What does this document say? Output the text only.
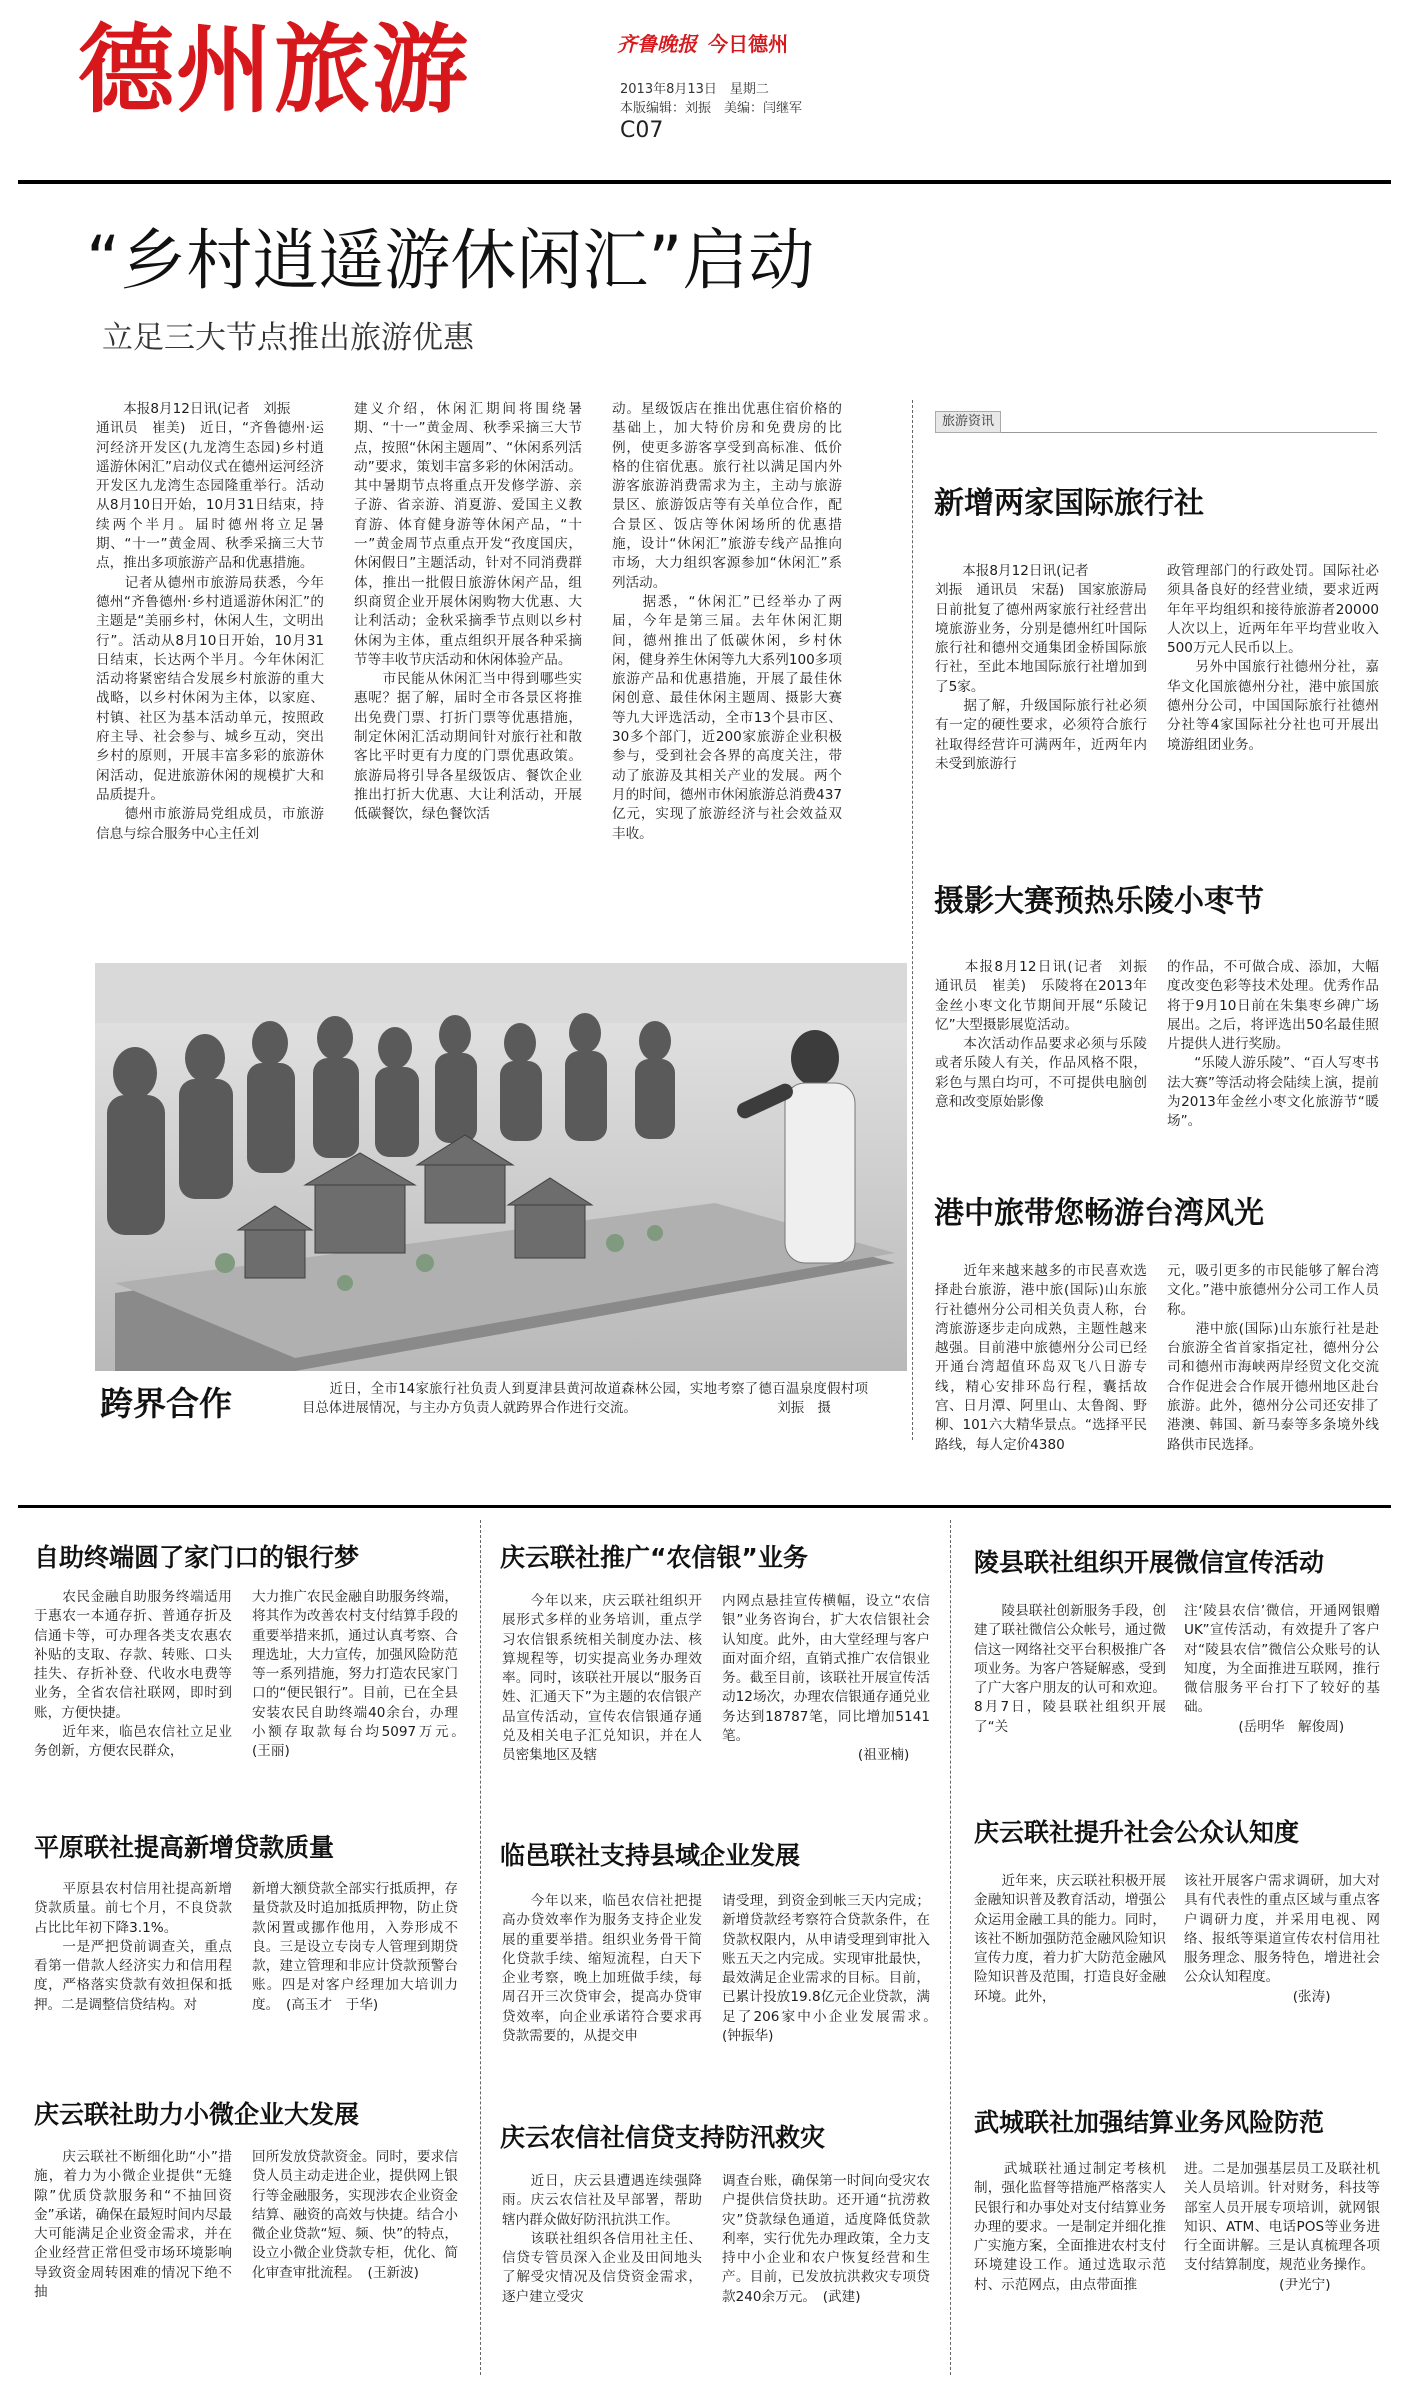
德州旅游	齐鲁晚报 今日德州
2013年8月13日　星期二
本版编辑：刘振　美编：闫继军
C07
“乡村逍遥游休闲汇”启动
立足三大节点推出旅游优惠
　　本报8月12日讯(记者　刘振
通讯员　崔美)　近日，“齐鲁德州·运河经济开发区(九龙湾生态园)乡村逍遥游休闲汇”启动仪式在德州运河经济开发区九龙湾生态园隆重举行。活动从8月10日开始，10月31日结束，持续两个半月。届时德州将立足暑期、“十一”黄金周、秋季采摘三大节点，推出多项旅游产品和优惠措施。
　　记者从德州市旅游局获悉，今年德州“齐鲁德州·乡村逍遥游休闲汇”的主题是“美丽乡村，休闲人生，文明出行”。活动从8月10日开始，10月31日结束，长达两个半月。今年休闲汇活动将紧密结合发展乡村旅游的重大战略，以乡村休闲为主体，以家庭、村镇、社区为基本活动单元，按照政府主导、社会参与、城乡互动，突出乡村的原则，开展丰富多彩的旅游休闲活动，促进旅游休闲的规模扩大和品质提升。
　　德州市旅游局党组成员，市旅游信息与综合服务中心主任刘
建义介绍，休闲汇期间将围绕暑期、“十一”黄金周、秋季采摘三大节点，按照“休闲主题周”、“休闲系列活动”要求，策划丰富多彩的休闲活动。其中暑期节点将重点开发修学游、亲子游、省亲游、消夏游、爱国主义教育游、体育健身游等休闲产品，“十一”黄金周节点重点开发“孜度国庆，休闲假日”主题活动，针对不同消费群体，推出一批假日旅游休闲产品，组织商贸企业开展休闲购物大优惠、大让利活动；金秋采摘季节点则以乡村休闲为主体，重点组织开展各种采摘节等丰收节庆活动和休闲体验产品。
　　市民能从休闲汇当中得到哪些实惠呢？据了解，届时全市各景区将推出免费门票、打折门票等优惠措施，制定休闲汇活动期间针对旅行社和散客比平时更有力度的门票优惠政策。旅游局将引导各星级饭店、餐饮企业推出打折大优惠、大让利活动，开展低碳餐饮，绿色餐饮活
动。星级饭店在推出优惠住宿价格的基础上，加大特价房和免费房的比例，使更多游客享受到高标准、低价格的住宿优惠。旅行社以满足国内外游客旅游消费需求为主，主动与旅游景区、旅游饭店等有关单位合作，配合景区、饭店等休闲场所的优惠措施，设计“休闲汇”旅游专线产品推向市场，大力组织客源参加“休闲汇”系列活动。
　　据悉，“休闲汇”已经举办了两届，今年是第三届。去年休闲汇期间，德州推出了低碳休闲，乡村休闲，健身养生休闲等九大系列100多项旅游产品和优惠措施，开展了最佳休闲创意、最佳休闲主题周、摄影大赛等九大评选活动，全市13个县市区、30多个部门，近200家旅游企业积极参与，受到社会各界的高度关注，带动了旅游及其相关产业的发展。两个月的时间，德州市休闲旅游总消费437亿元，实现了旅游经济与社会效益双丰收。
跨界合作	　　近日，全市14家旅行社负责人到夏津县黄河故道森林公园，实地考察了德百温泉度假村项目总体进展情况，与主办方负责人就跨界合作进行交流。　　　　　　　　　　　刘振　摄
旅游资讯
新增两家国际旅行社
　　本报8月12日讯(记者
刘振　通讯员　宋磊)　国家旅游局日前批复了德州两家旅行社经营出境旅游业务，分别是德州红叶国际旅行社和德州交通集团金桥国际旅行社，至此本地国际旅行社增加到了5家。
　　据了解，升级国际旅行社必须有一定的硬性要求，必须符合旅行社取得经营许可满两年，近两年内未受到旅游行
政管理部门的行政处罚。国际社必须具备良好的经营业绩，要求近两年年平均组织和接待旅游者20000人次以上，近两年年平均营业收入500万元人民币以上。
　　另外中国旅行社德州分社，嘉华文化国旅德州分社，港中旅国旅德州分公司，中国国际旅行社德州分社等4家国际社分社也可开展出境游组团业务。
摄影大赛预热乐陵小枣节
　　本报8月12日讯(记者　刘振　通讯员　崔美)　乐陵将在2013年金丝小枣文化节期间开展“乐陵记忆”大型摄影展览活动。
　　本次活动作品要求必须与乐陵或者乐陵人有关，作品风格不限，彩色与黑白均可，不可提供电脑创意和改变原始影像
的作品，不可做合成、添加，大幅度改变色彩等技术处理。优秀作品将于9月10日前在朱集枣乡碑广场展出。之后，将评选出50名最佳照片提供人进行奖励。
　　“乐陵人游乐陵”、“百人写枣书法大赛”等活动将会陆续上演，提前为2013年金丝小枣文化旅游节“暖场”。
港中旅带您畅游台湾风光
　　近年来越来越多的市民喜欢选择赴台旅游，港中旅(国际)山东旅行社德州分公司相关负责人称，台湾旅游逐步走向成熟，主题性越来越强。目前港中旅德州分公司已经开通台湾超值环岛双飞八日游专线，精心安排环岛行程，囊括故宫、日月潭、阿里山、太鲁阁、野柳、101六大精华景点。“选择平民路线，每人定价4380
元，吸引更多的市民能够了解台湾文化。”港中旅德州分公司工作人员称。
　　港中旅(国际)山东旅行社是赴台旅游全省首家指定社，德州分公司和德州市海峡两岸经贸文化交流合作促进会合作展开德州地区赴台旅游。此外，德州分公司还安排了港澳、韩国、新马泰等多条境外线路供市民选择。
自助终端圆了家门口的银行梦
　　农民金融自助服务终端适用于惠农一本通存折、普通存折及信通卡等，可办理各类支农惠农补贴的支取、存款、转账、口头挂失、存折补登、代收水电费等业务，全省农信社联网，即时到账，方便快捷。
　　近年来，临邑农信社立足业务创新，方便农民群众，
大力推广农民金融自助服务终端，将其作为改善农村支付结算手段的重要举措来抓，通过认真考察、合理选址，大力宣传，加强风险防范等一系列措施，努力打造农民家门口的“便民银行”。目前，已在全县安装农民自助终端40余台，办理小额存取款每台均5097万元。　(王丽)
平原联社提高新增贷款质量
　　平原县农村信用社提高新增贷款质量。前七个月，不良贷款占比比年初下降3.1%。
　　一是严把贷前调查关，重点看第一借款人经济实力和信用程度，严格落实贷款有效担保和抵押。二是调整信贷结构。对
新增大额贷款全部实行抵质押，存量贷款及时追加抵质押物，防止贷款闲置或挪作他用，入券形成不良。三是设立专岗专人管理到期贷款，建立管理和非应计贷款预警台账。四是对客户经理加大培训力度。　(高玉才　于华)
庆云联社助力小微企业大发展
　　庆云联社不断细化助“小”措施，着力为小微企业提供“无缝隙”优质贷款服务和“不抽回资金”承诺，确保在最短时间内尽最大可能满足企业资金需求，并在企业经营正常但受市场环境影响导致资金周转困难的情况下绝不抽
回所发放贷款资金。同时，要求信贷人员主动走进企业，提供网上银行等金融服务，实现涉农企业资金结算、融资的高效与快捷。结合小微企业贷款“短、频、快”的特点，设立小微企业贷款专柜，优化、简化审查审批流程。　(王新波)
庆云联社推广“农信银”业务
　　今年以来，庆云联社组织开展形式多样的业务培训，重点学习农信银系统相关制度办法、核算规程等，切实提高业务办理效率。同时，该联社开展以“服务百姓、汇通天下”为主题的农信银产品宣传活动，宣传农信银通存通兑及相关电子汇兑知识，并在人员密集地区及辖
内网点悬挂宣传横幅，设立“农信银”业务咨询台，扩大农信银社会认知度。此外，由大堂经理与客户面对面介绍，直销式推广农信银业务。截至目前，该联社开展宣传活动12场次，办理农信银通存通兑业务达到18787笔，同比增加5141笔。
　　　　　　　　　　(祖亚楠)
临邑联社支持县域企业发展
　　今年以来，临邑农信社把提高办贷效率作为服务支持企业发展的重要举措。组织业务骨干简化贷款手续、缩短流程，白天下企业考察，晚上加班做手续，每周召开三次贷审会，提高办贷审贷效率，向企业承诺符合要求再贷款需要的，从提交申
请受理，到资金到帐三天内完成；新增贷款经考察符合贷款条件，在贷款权限内，从申请受理到审批入账五天之内完成。实现审批最快，最效满足企业需求的目标。目前，已累计投放19.8亿元企业贷款，满足了206家中小企业发展需求。　(钟振华)
庆云农信社信贷支持防汛救灾
　　近日，庆云县遭遇连续强降雨。庆云农信社及早部署，帮助辖内群众做好防汛抗洪工作。
　　该联社组织各信用社主任、信贷专管员深入企业及田间地头了解受灾情况及信贷资金需求，逐户建立受灾
调查台账，确保第一时间向受灾农户提供信贷扶助。还开通“抗涝救灾”贷款绿色通道，适度降低贷款利率，实行优先办理政策，全力支持中小企业和农户恢复经营和生产。目前，已发放抗洪救灾专项贷款240余万元。　(武建)
陵县联社组织开展微信宣传活动
　　陵县联社创新服务手段，创建了联社微信公众帐号，通过微信这一网络社交平台积极推广各项业务。为客户答疑解惑，受到了广大客户朋友的认可和欢迎。8月7日，陵县联社组织开展了“关
注‘陵县农信’微信，开通网银赠UK”宣传活动，有效提升了客户对“陵县农信”微信公众账号的认知度，为全面推进互联网，推行微信服务平台打下了较好的基础。
　　　　(岳明华　解俊周)
庆云联社提升社会公众认知度
　　近年来，庆云联社积极开展金融知识普及教育活动，增强公众运用金融工具的能力。同时，该社不断加强防范金融风险知识宣传力度，着力扩大防范金融风险知识普及范围，打造良好金融环境。此外，
该社开展客户需求调研，加大对具有代表性的重点区域与重点客户调研力度，并采用电视、网络、报纸等渠道宣传农村信用社服务理念、服务特色，增进社会公众认知程度。
　　　　　　　　(张涛)
武城联社加强结算业务风险防范
　　武城联社通过制定考核机制，强化监督等措施严格落实人民银行和办事处对支付结算业务办理的要求。一是制定并细化推广实施方案，全面推进农村支付环境建设工作。通过选取示范村、示范网点，由点带面推
进。二是加强基层员工及联社机关人员培训。针对财务，科技等部室人员开展专项培训，就网银知识、ATM、电话POS等业务进行全面讲解。三是认真梳理各项支付结算制度，规范业务操作。
　　　　　　　(尹光宁)
